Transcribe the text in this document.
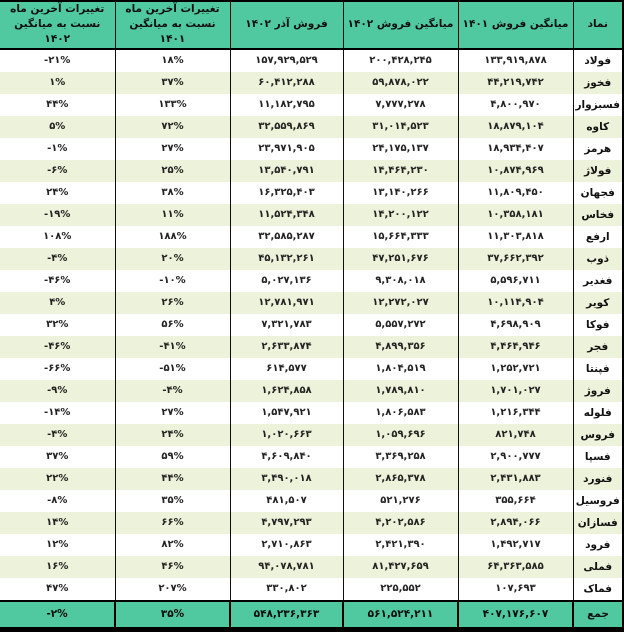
نماد	میانگین فروش ۱۴۰۱	میانگین فروش ۱۴۰۲	فروش آذر ۱۴۰۲	تغییرات آخرین ماه نسبت به میانگین ۱۴۰۱	تغییرات آخرین ماه نسبت به میانگین ۱۴۰۲
فولاد	۱۳۳,۹۱۹,۸۷۸	۲۰۰,۴۲۸,۲۴۵	۱۵۷,۹۲۹,۵۲۹	۱۸%	-۲۱%
فخوز	۴۴,۲۱۹,۷۴۲	۵۹,۸۷۸,۰۲۲	۶۰,۴۱۲,۲۸۸	۳۷%	۱%
فسبزوار	۴,۸۰۰,۹۷۰	۷,۷۷۷,۲۷۸	۱۱,۱۸۲,۷۹۵	۱۳۳%	۴۴%
کاوه	۱۸,۸۷۹,۱۰۴	۳۱,۰۱۴,۵۲۳	۳۲,۵۵۹,۸۶۹	۷۲%	۵%
هرمز	۱۸,۹۳۴,۴۰۷	۲۴,۱۷۵,۱۳۷	۲۳,۹۷۱,۹۰۵	۲۷%	-۱%
فولاژ	۱۰,۸۷۴,۹۶۹	۱۴,۴۶۴,۲۳۰	۱۳,۵۴۰,۷۹۱	۲۵%	-۶%
فجهان	۱۱,۸۰۹,۴۵۰	۱۳,۱۴۰,۲۶۶	۱۶,۳۲۵,۴۰۳	۳۸%	۲۴%
فخاس	۱۰,۳۵۸,۱۸۱	۱۴,۲۰۰,۱۲۲	۱۱,۵۲۴,۳۴۸	۱۱%	-۱۹%
ارفع	۱۱,۳۰۳,۸۱۸	۱۵,۶۶۴,۳۳۳	۳۲,۵۸۵,۲۸۷	۱۸۸%	۱۰۸%
ذوب	۳۷,۶۶۲,۳۹۲	۴۷,۲۵۱,۶۷۶	۴۵,۱۳۲,۲۶۱	۲۰%	-۴%
فغدیر	۵,۵۹۶,۷۱۱	۹,۳۰۸,۰۱۸	۵,۰۲۷,۱۳۶	-۱۰%	-۴۶%
کویر	۱۰,۱۱۴,۹۰۴	۱۲,۲۷۲,۰۲۷	۱۲,۷۸۱,۹۷۱	۲۶%	۴%
فوکا	۴,۶۹۸,۹۰۹	۵,۵۵۷,۲۷۲	۷,۳۲۱,۷۸۳	۵۶%	۳۲%
فجر	۴,۴۶۴,۹۴۶	۴,۸۹۹,۳۵۶	۲,۶۳۳,۸۷۴	-۴۱%	-۴۶%
فپنتا	۱,۲۵۲,۷۲۱	۱,۸۰۴,۵۱۹	۶۱۴,۵۷۷	-۵۱%	-۶۶%
فروژ	۱,۷۰۱,۰۲۷	۱,۷۸۹,۸۱۰	۱,۶۲۴,۸۵۸	-۴%	-۹%
فلوله	۱,۲۱۶,۳۴۴	۱,۸۰۶,۵۸۳	۱,۵۴۷,۹۲۱	۲۷%	-۱۴%
فروس	۸۲۱,۷۴۸	۱,۰۵۹,۶۹۶	۱,۰۲۰,۶۶۳	۲۴%	-۴%
فسپا	۲,۹۰۰,۷۷۷	۳,۳۶۹,۲۵۸	۴,۶۰۹,۸۴۰	۵۹%	۳۷%
فنورد	۲,۴۳۱,۸۸۳	۲,۸۶۵,۳۷۸	۳,۴۹۰,۰۱۸	۴۴%	۲۲%
فروسیل	۳۵۵,۶۶۴	۵۲۱,۲۷۶	۴۸۱,۵۰۷	۳۵%	-۸%
فسازان	۲,۸۹۴,۰۶۶	۴,۲۰۲,۵۸۶	۴,۷۹۷,۲۹۳	۶۶%	۱۴%
فرود	۱,۴۹۲,۷۱۷	۲,۴۲۱,۳۹۰	۲,۷۱۰,۸۶۳	۸۲%	۱۲%
فملی	۶۴,۳۶۳,۵۸۵	۸۱,۴۲۷,۶۵۹	۹۴,۰۷۸,۷۸۱	۴۶%	۱۶%
فماک	۱۰۷,۶۹۳	۲۲۵,۵۵۲	۳۳۰,۸۰۲	۲۰۷%	۴۷%
جمع	۴۰۷,۱۷۶,۶۰۷	۵۶۱,۵۲۴,۲۱۱	۵۴۸,۲۳۶,۳۶۳	۳۵%	-۲%
